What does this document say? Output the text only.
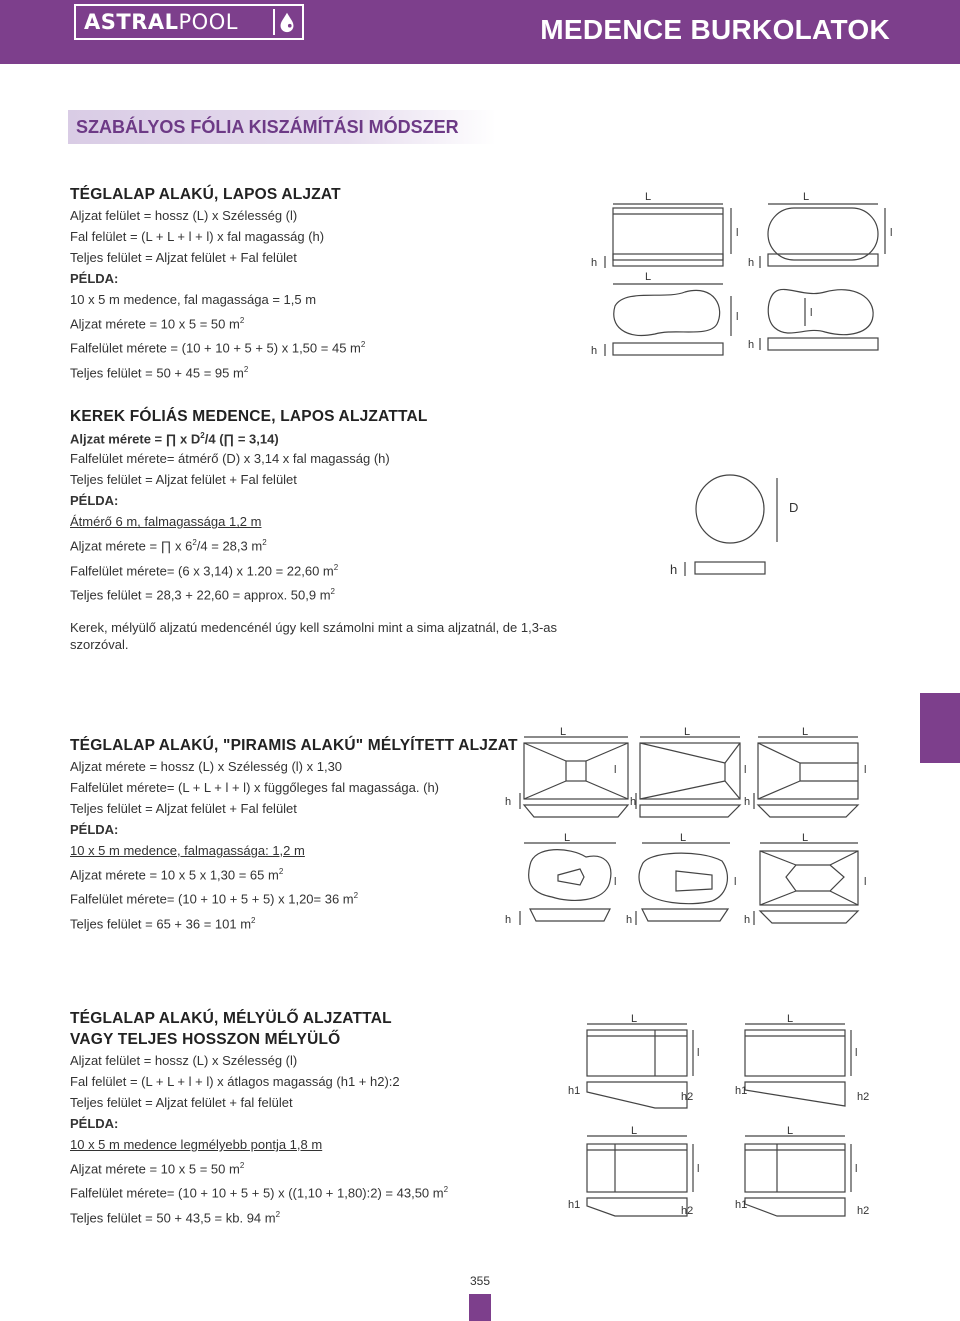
ASTRALPOOL	MEDENCE BURKOLATOK
SZABÁLYOS FÓLIA KISZÁMÍTÁSI MÓDSZER
TÉGLALAP ALAKÚ, LAPOS ALJZAT
Aljzat felület = hossz (L) x Szélesség (l)
Fal felület = (L + L + l + l) x fal magasság (h)
Teljes felület = Aljzat felület + Fal felület
PÉLDA:
10 x 5 m medence, fal magassága = 1,5 m
Aljzat mérete = 10 x 5 = 50 $m^2$
Falfelület mérete = (10 + 10 + 5 + 5) x 1,50 = 45 $m^2$
Teljes felület = 50 + 45 = 95 $m^2$
L	L
L
l	l
l	l
h	h
h	h
KEREK FÓLIÁS MEDENCE, LAPOS ALJZATTAL
Aljzat mérete = ∏ x $D^2/4$ (∏ = 3,14)
Falfelület mérete= átmérő (D) x 3,14 x fal magasság (h)
Teljes felület = Aljzat felület + Fal felület
PÉLDA:
Átmérő 6 m, falmagassága 1,2 m
Aljzat mérete = ∏ x $6^2/4 = 28,3$ $m^2$
Falfelület mérete= (6 x 3,14) x 1.20 = 22,60 $m^2$
Teljes felület = 28,3 + 22,60 = approx. 50,9 $m^2$
Kerek, mélyülő aljzatú medencénél úgy kell számolni mint a sima aljzatnál, de 1,3-as szorzóval.
D
h
TÉGLALAP ALAKÚ, "PIRAMIS ALAKÚ" MÉLYÍTETT ALJZAT
Aljzat mérete = hossz (L) x Szélesség (l) x 1,30
Falfelület mérete= (L + L + l + l) x függőleges fal magassága. (h)
Teljes felület = Aljzat felület + Fal felület
PÉLDA:
10 x 5 m medence, falmagassága: 1,2 m
Aljzat mérete = 10 x 5 x 1,30 = 65 $m^2$
Falfelület mérete= (10 + 10 + 5 + 5) x 1,20= 36 $m^2$
Teljes felület = 65 + 36 = 101 $m^2$
L	L	L
L	L	L
l	l	l
l	l	l
h	h	h
h	h	h
TÉGLALAP ALAKÚ, MÉLYÜLŐ ALJZATTAL
VAGY TELJES HOSSZON MÉLYÜLŐ
Aljzat felület = hossz (L) x Szélesség (l)
Fal felület = (L + L + l + l) x átlagos magasság (h1 + h2):2
Teljes felület = Aljzat felület + fal felület
PÉLDA:
10 x 5 m medence legmélyebb pontja 1,8 m
Aljzat mérete = 10 x 5 = 50 $m^2$
Falfelület mérete= (10 + 10 + 5 + 5) x ((1,10 + 1,80):2) = 43,50 $m^2$
Teljes felület = 50 + 43,5 = kb. 94 $m^2$
L	L
L	L
l	l
l	l
h1	h2	h1	h2
h1	h2	h1	h2
355
